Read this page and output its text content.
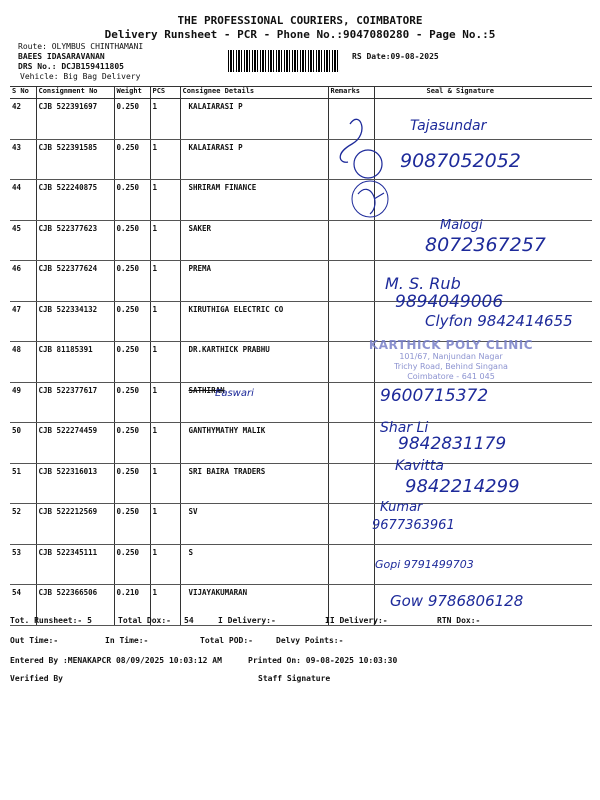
THE PROFESSIONAL COURIERS, COIMBATORE
Delivery Runsheet - PCR - Phone No.:9047080280 - Page No.:5
Route: OLYMBUS CHINTHAMANI
BAEES IDASARAVANAN
DRS No.: DCJB159411805
Vehicle: Big Bag Delivery
RS Date:09-08-2025
S No	Consignment No	Weight	PCS	Consignee Details	Remarks	Seal & Signature
42	CJB 522391697	0.250	1	KALAIARASI P		
43	CJB 522391585	0.250	1	KALAIARASI P		
44	CJB 522240875	0.250	1	SHRIRAM FINANCE		
45	CJB 522377623	0.250	1	SAKER		
46	CJB 522377624	0.250	1	PREMA		
47	CJB 522334132	0.250	1	KIRUTHIGA ELECTRIC CO		
48	CJB 81185391	0.250	1	DR.KARTHICK PRABHU		
49	CJB 522377617	0.250	1	SATHIRAN		
50	CJB 522274459	0.250	1	GANTHYMATHY MALIK		
51	CJB 522316013	0.250	1	SRI BAIRA TRADERS		
52	CJB 522212569	0.250	1	SV		
53	CJB 522345111	0.250	1	S		
54	CJB 522366506	0.210	1	VIJAYAKUMARAN		
KARTHICK POLY CLINIC
101/67, Nanjundan Nagar
Trichy Road, Behind Singana
Coimbatore - 641 045
Tajasundar
9087052052
Malogi
8072367257
M. S. Rub
9894049006
Clyfon 9842414655
Easwari	9600715372
Shar Li
9842831179
Kavitta
9842214299
Kumar
9677363961
Gopi 9791499703
Gow 9786806128
Tot. Runsheet:- 5	Total Dox:- 54	I Delivery:-	II Delivery:-	RTN Dox:-
Out Time:-	In Time:-	Total POD:-	Delvy Points:-
Entered By :MENAKAPCR 08/09/2025 10:03:12 AM	Printed On: 09-08-2025 10:03:30
Verified By	Staff Signature
